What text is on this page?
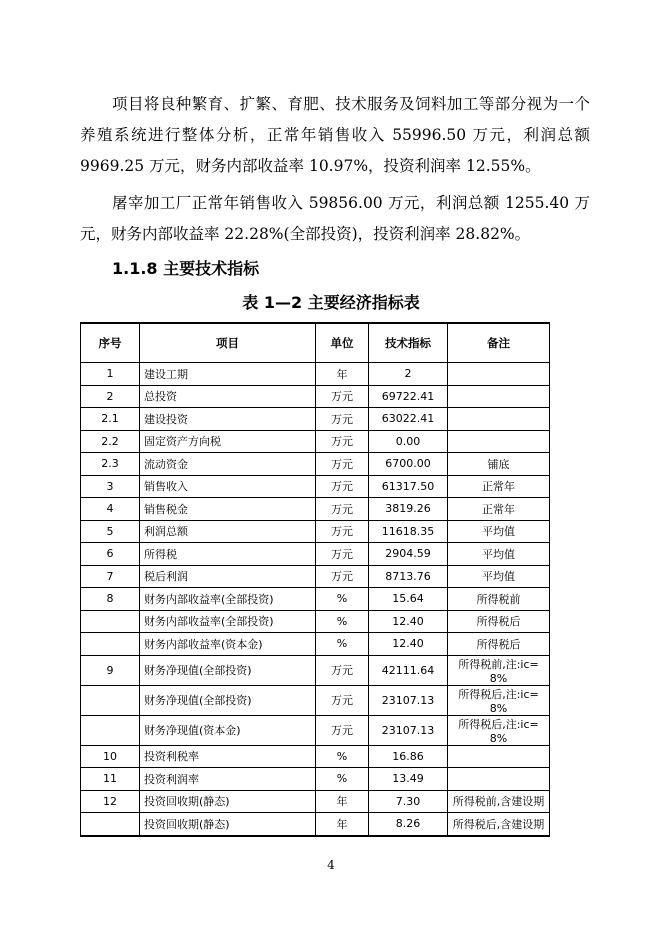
项目将良种繁育、扩繁、育肥、技术服务及饲料加工等部分视为一个养殖系统进行整体分析，正常年销售收入 55996.50 万元，利润总额 9969.25 万元，财务内部收益率 10.97%，投资利润率 12.55%。
屠宰加工厂正常年销售收入 59856.00 万元，利润总额 1255.40 万元，财务内部收益率 22.28%(全部投资)，投资利润率 28.82%。
1.1.8 主要技术指标
表 1—2 主要经济指标表
序号	项目	单位	技术指标	备注
1	建设工期	年	2	
2	总投资	万元	69722.41	
2.1	建设投资	万元	63022.41	
2.2	固定资产方向税	万元	0.00	
2.3	流动资金	万元	6700.00	铺底
3	销售收入	万元	61317.50	正常年
4	销售税金	万元	3819.26	正常年
5	利润总额	万元	11618.35	平均值
6	所得税	万元	2904.59	平均值
7	税后利润	万元	8713.76	平均值
8	财务内部收益率(全部投资)	%	15.64	所得税前
	财务内部收益率(全部投资)	%	12.40	所得税后
	财务内部收益率(资本金)	%	12.40	所得税后
9	财务净现值(全部投资)	万元	42111.64	所得税前,注:ic= 8%
	财务净现值(全部投资)	万元	23107.13	所得税后,注:ic= 8%
	财务净现值(资本金)	万元	23107.13	所得税后,注:ic= 8%
10	投资利税率	%	16.86	
11	投资利润率	%	13.49	
12	投资回收期(静态)	年	7.30	所得税前,含建设期
	投资回收期(静态)	年	8.26	所得税后,含建设期
4
